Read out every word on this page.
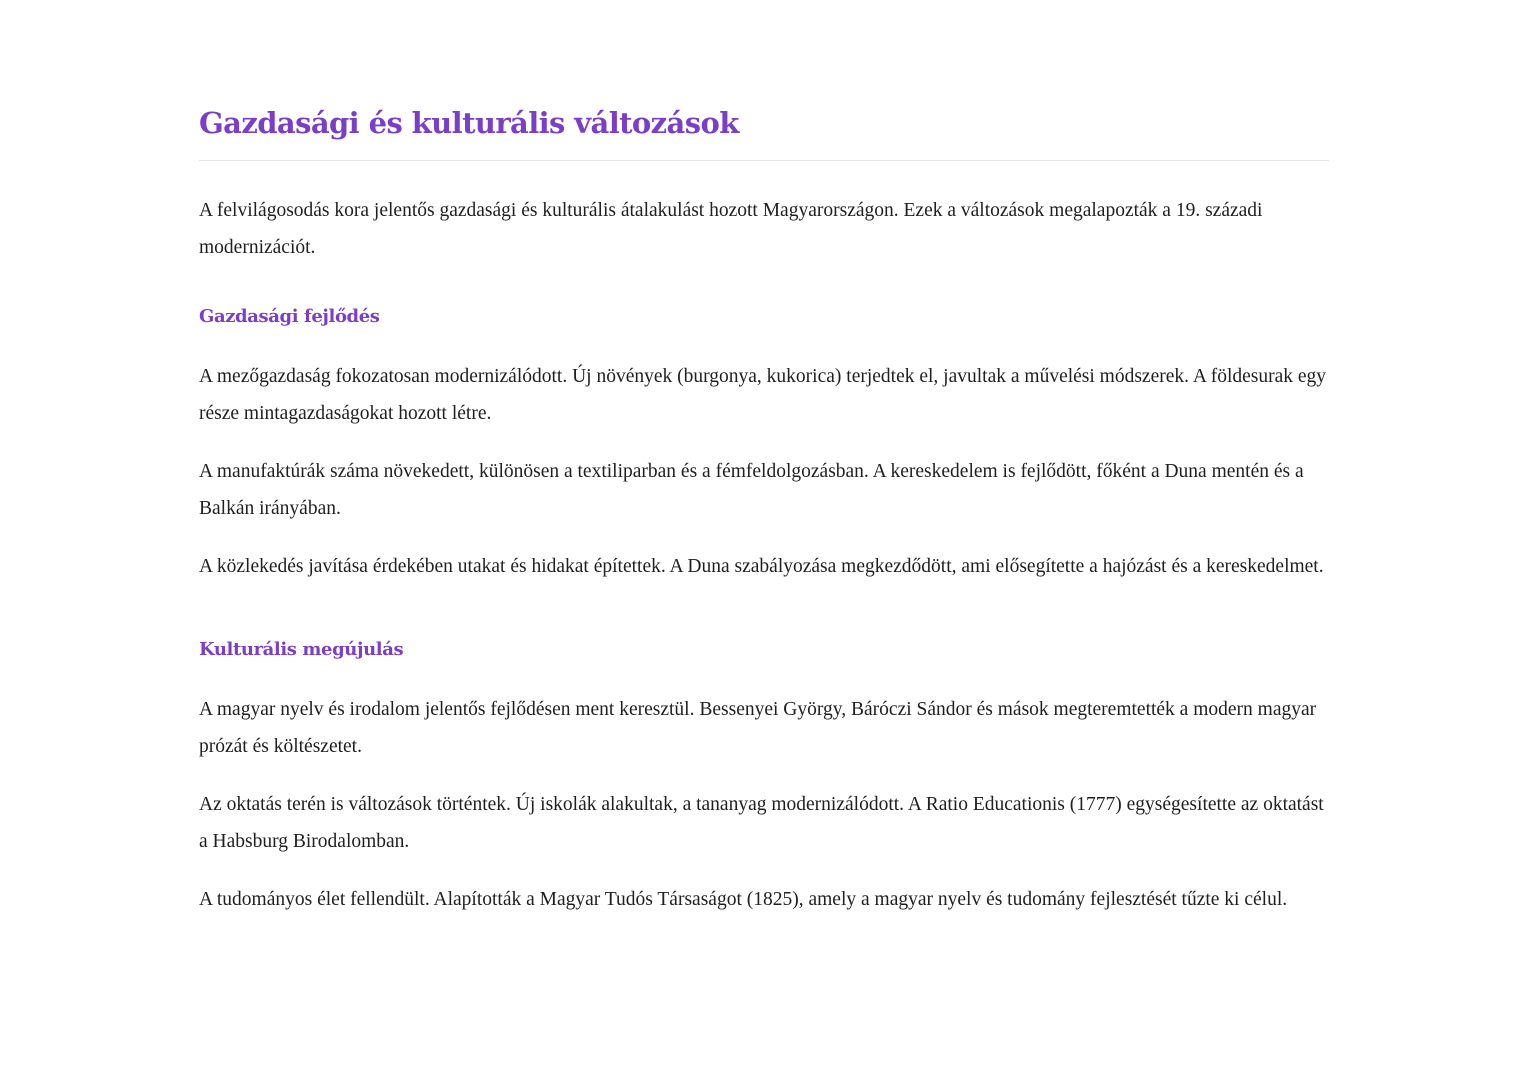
Gazdasági és kulturális változások

A felvilágosodás kora jelentős gazdasági és kulturális átalakulást hozott Magyarországon. Ezek a változások megalapozták a 19. századi modernizációt.

Gazdasági fejlődés

A mezőgazdaság fokozatosan modernizálódott. Új növények (burgonya, kukorica) terjedtek el, javultak a művelési módszerek. A földesurak egy része mintagazdaságokat hozott létre.

A manufaktúrák száma növekedett, különösen a textiliparban és a fémfeldolgozásban. A kereskedelem is fejlődött, főként a Duna mentén és a Balkán irányában.

A közlekedés javítása érdekében utakat és hidakat építettek. A Duna szabályozása megkezdődött, ami elősegítette a hajózást és a kereskedelmet.

Kulturális megújulás

A magyar nyelv és irodalom jelentős fejlődésen ment keresztül. Bessenyei György, Báróczi Sándor és mások megteremtették a modern magyar prózát és költészetet.

Az oktatás terén is változások történtek. Új iskolák alakultak, a tananyag modernizálódott. A Ratio Educationis (1777) egységesítette az oktatást a Habsburg Birodalomban.

A tudományos élet fellendült. Alapították a Magyar Tudós Társaságot (1825), amely a magyar nyelv és tudomány fejlesztését tűzte ki célul.
